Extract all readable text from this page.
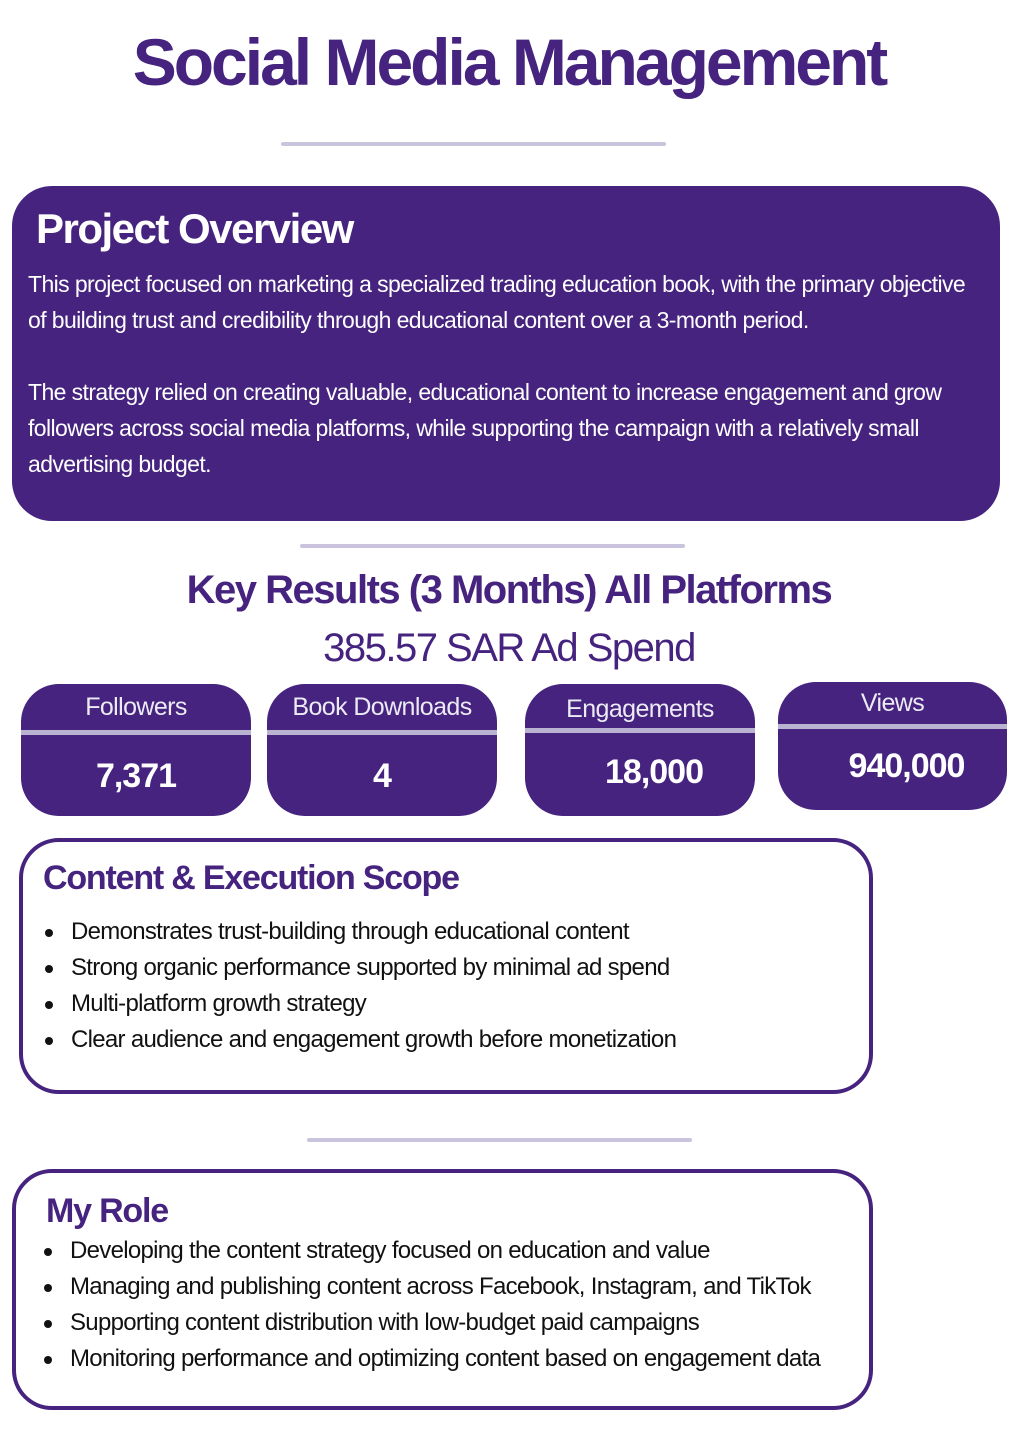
Social Media Management
Project Overview

This project focused on marketing a specialized trading education book, with the primary objective of building trust and credibility through educational content over a 3-month period.

The strategy relied on creating valuable, educational content to increase engagement and grow followers across social media platforms, while supporting the campaign with a relatively small advertising budget.

Key Results (3 Months) All Platforms
385.57 SAR Ad Spend
Followers
7,371
Book Downloads
4
Engagements
18,000
Views
940,000
Content & Execution Scope
Demonstrates trust-building through educational content
Strong organic performance supported by minimal ad spend
Multi-platform growth strategy
Clear audience and engagement growth before monetization
My Role
Developing the content strategy focused on education and value
Managing and publishing content across Facebook, Instagram, and TikTok
Supporting content distribution with low-budget paid campaigns
Monitoring performance and optimizing content based on engagement data
